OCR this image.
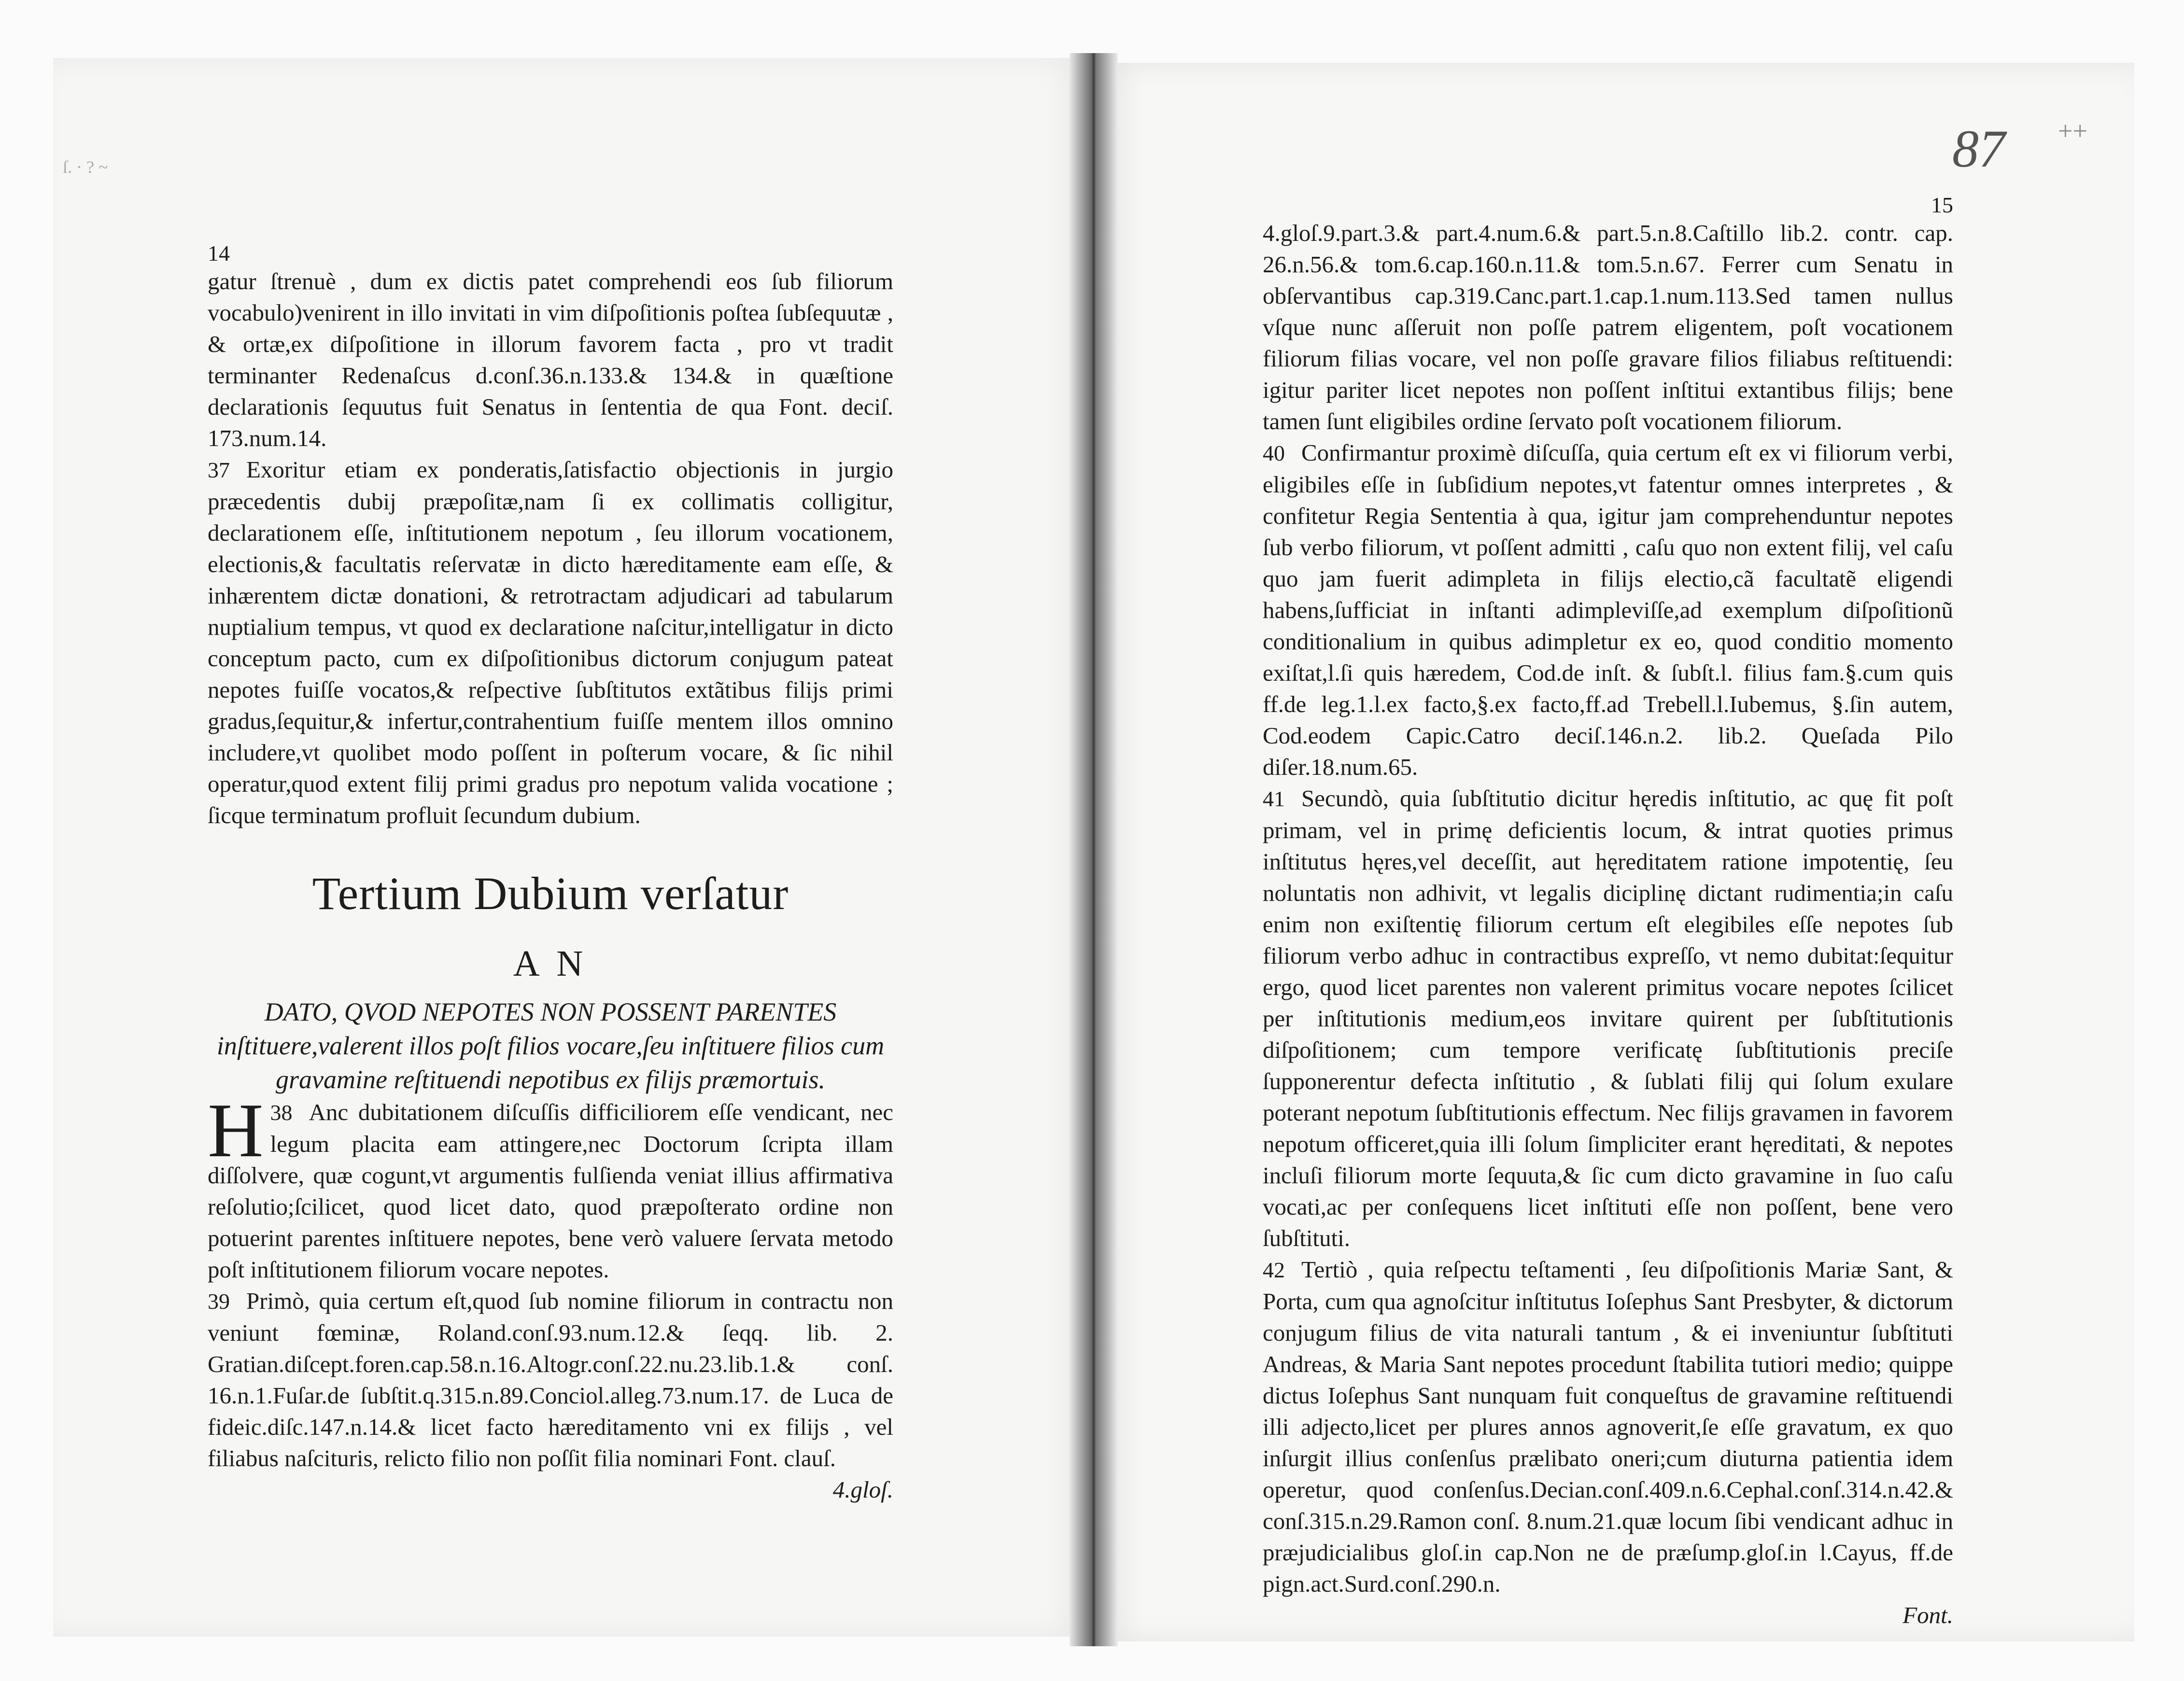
ſ. · ? ~	87 ++
14

gatur ſtrenuè , dum ex dictis patet comprehendi eos ſub filiorum vocabulo)venirent in illo invitati in vim diſpoſitionis poſtea ſubſequutæ , & ortæ,ex diſpoſitione in illorum favorem facta , pro vt tradit terminanter Redenaſcus d.conſ.36.n.133.& 134.& in quæſtione declarationis ſequutus fuit Senatus in ſententia de qua Font. deciſ. 173.num.14.

37 Exoritur etiam ex ponderatis,ſatisfactio objectionis in jurgio præcedentis dubij præpoſitæ,nam ſi ex collimatis colligitur, declarationem eſſe, inſtitutionem nepotum , ſeu illorum vocationem, electionis,& facultatis reſervatæ in dicto hæreditamente eam eſſe, & inhærentem dictæ donationi, & retrotractam adjudicari ad tabularum nuptialium tempus, vt quod ex declaratione naſcitur,intelligatur in dicto conceptum pacto, cum ex diſpoſitionibus dictorum conjugum pateat nepotes fuiſſe vocatos,& reſpective ſubſtitutos extãtibus filijs primi gradus,ſequitur,& infertur,contrahentium fuiſſe mentem illos omnino includere,vt quolibet modo poſſent in poſterum vocare, & ſic nihil operatur,quod extent filij primi gradus pro nepotum valida vocatione ; ſicque terminatum profluit ſecundum dubium.

Tertium Dubium verſatur
A N
DATO, QVOD NEPOTES NON POSSENT PARENTES inſtituere,valerent illos poſt filios vocare,ſeu inſtituere filios cum gravamine reſtituendi nepotibus ex filijs præmortuis.

38
H Anc dubitationem diſcuſſis difficiliorem eſſe vendicant, nec legum placita eam attingere,nec Doctorum ſcripta illam diſſolvere, quæ cogunt,vt argumentis fulſienda veniat illius affirmativa reſolutio;ſcilicet, quod licet dato, quod præpoſterato ordine non potuerint parentes inſtituere nepotes, bene verò valuere ſervata metodo poſt inſtitutionem filiorum vocare nepotes.

39 Primò, quia certum eſt,quod ſub nomine filiorum in contractu non veniunt fœminæ, Roland.conſ.93.num.12.& ſeqq. lib. 2. Gratian.diſcept.foren.cap.58.n.16.Altogr.conſ.22.nu.23.lib.1.& conſ. 16.n.1.Fuſar.de ſubſtit.q.315.n.89.Conciol.alleg.73.num.17. de Luca de fideic.diſc.147.n.14.& licet facto hæreditamento vni ex filijs , vel filiabus naſcituris, relicto filio non poſſit filia nominari Font. clauſ.

4.gloſ.
15

4.gloſ.9.part.3.& part.4.num.6.& part.5.n.8.Caſtillo lib.2. contr. cap. 26.n.56.& tom.6.cap.160.n.11.& tom.5.n.67. Ferrer cum Senatu in obſervantibus cap.319.Canc.part.1.cap.1.num.113.Sed tamen nullus vſque nunc aſſeruit non poſſe patrem eligentem, poſt vocationem filiorum filias vocare, vel non poſſe gravare filios filiabus reſtituendi: igitur pariter licet nepotes non poſſent inſtitui extantibus filijs; bene tamen ſunt eligibiles ordine ſervato poſt vocationem filiorum.

40 Confirmantur proximè diſcuſſa, quia certum eſt ex vi filiorum verbi, eligibiles eſſe in ſubſidium nepotes,vt fatentur omnes interpretes , & confitetur Regia Sententia à qua, igitur jam comprehenduntur nepotes ſub verbo filiorum, vt poſſent admitti , caſu quo non extent filij, vel caſu quo jam fuerit adimpleta in filijs electio,cã facultatẽ eligendi habens,ſufficiat in inſtanti adimpleviſſe,ad exemplum diſpoſitionũ conditionalium in quibus adimpletur ex eo, quod conditio momento exiſtat,l.ſi quis hæredem, Cod.de inſt. & ſubſt.l. filius fam.§.cum quis ff.de leg.1.l.ex facto,§.ex facto,ff.ad Trebell.l.Iubemus, §.ſin autem, Cod.eodem Capic.Catro deciſ.146.n.2. lib.2. Queſada Pilo diſer.18.num.65.

41 Secundò, quia ſubſtitutio dicitur hęredis inſtitutio, ac quę fit poſt primam, vel in primę deficientis locum, & intrat quoties primus inſtitutus hęres,vel deceſſit, aut hęreditatem ratione impotentię, ſeu noluntatis non adhivit, vt legalis diciplinę dictant rudimentia;in caſu enim non exiſtentię filiorum certum eſt elegibiles eſſe nepotes ſub filiorum verbo adhuc in contractibus expreſſo, vt nemo dubitat:ſequitur ergo, quod licet parentes non valerent primitus vocare nepotes ſcilicet per inſtitutionis medium,eos invitare quirent per ſubſtitutionis diſpoſitionem; cum tempore verificatę ſubſtitutionis preciſe ſupponerentur defecta inſtitutio , & ſublati filij qui ſolum exulare poterant nepotum ſubſtitutionis effectum. Nec filijs gravamen in favorem nepotum officeret,quia illi ſolum ſimpliciter erant hęreditati, & nepotes incluſi filiorum morte ſequuta,& ſic cum dicto gravamine in ſuo caſu vocati,ac per conſequens licet inſtituti eſſe non poſſent, bene vero ſubſtituti.

42 Tertiò , quia reſpectu teſtamenti , ſeu diſpoſitionis Mariæ Sant, & Porta, cum qua agnoſcitur inſtitutus Ioſephus Sant Presbyter, & dictorum conjugum filius de vita naturali tantum , & ei inveniuntur ſubſtituti Andreas, & Maria Sant nepotes procedunt ſtabilita tutiori medio; quippe dictus Ioſephus Sant nunquam fuit conqueſtus de gravamine reſtituendi illi adjecto,licet per plures annos agnoverit,ſe eſſe gravatum, ex quo inſurgit illius conſenſus prælibato oneri;cum diuturna patientia idem operetur, quod conſenſus.Decian.conſ.409.n.6.Cephal.conſ.314.n.42.& conſ.315.n.29.Ramon conſ. 8.num.21.quæ locum ſibi vendicant adhuc in præjudicialibus gloſ.in cap.Non ne de præſump.gloſ.in l.Cayus, ff.de pign.act.Surd.conſ.290.n.

Font.
